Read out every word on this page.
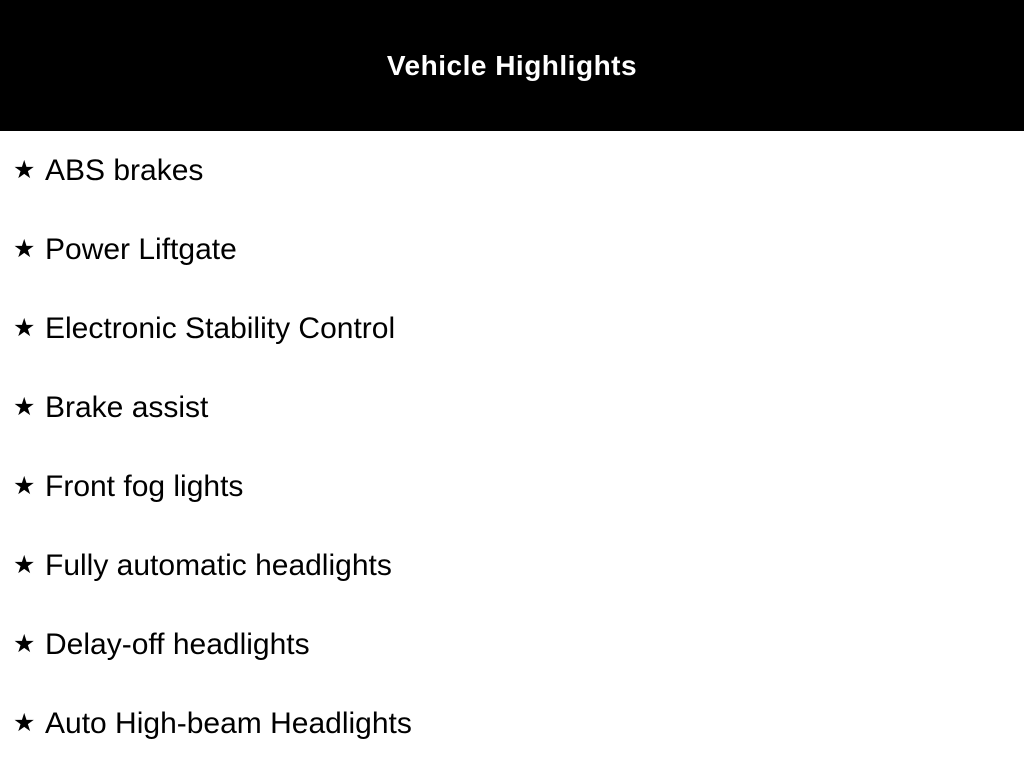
Vehicle Highlights
★ ABS brakes
★ Power Liftgate
★ Electronic Stability Control
★ Brake assist
★ Front fog lights
★ Fully automatic headlights
★ Delay-off headlights
★ Auto High-beam Headlights
